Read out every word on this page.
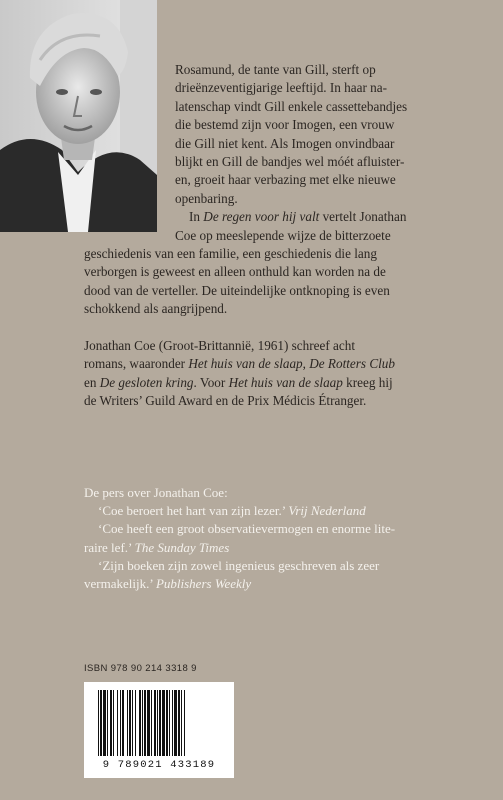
Rosamund, de tante van Gill, sterft op
drieënzeventigjarige leeftijd. In haar na-
latenschap vindt Gill enkele cassettebandjes
die bestemd zijn voor Imogen, een vrouw
die Gill niet kent. Als Imogen onvindbaar
blijkt en Gill de bandjes wel móét afluister-
en, groeit haar verbazing met elke nieuwe
openbaring.
In De regen voor hij valt vertelt Jonathan
Coe op meeslepende wijze de bitterzoete
geschiedenis van een familie, een geschiedenis die lang
verborgen is geweest en alleen onthuld kan worden na de
dood van de verteller. De uiteindelijke ontknoping is even
schokkend als aangrijpend.
Jonathan Coe (Groot-Brittannië, 1961) schreef acht
romans, waaronder Het huis van de slaap, De Rotters Club
en De gesloten kring. Voor Het huis van de slaap kreeg hij
de Writers’ Guild Award en de Prix Médicis Étranger.
De pers over Jonathan Coe:
‘Coe beroert het hart van zijn lezer.’ Vrij Nederland
‘Coe heeft een groot observatievermogen en enorme lite-
raire lef.’ The Sunday Times
‘Zijn boeken zijn zowel ingenieus geschreven als zeer
vermakelijk.’ Publishers Weekly
ISBN 978 90 214 3318 9
9 789021 433189
